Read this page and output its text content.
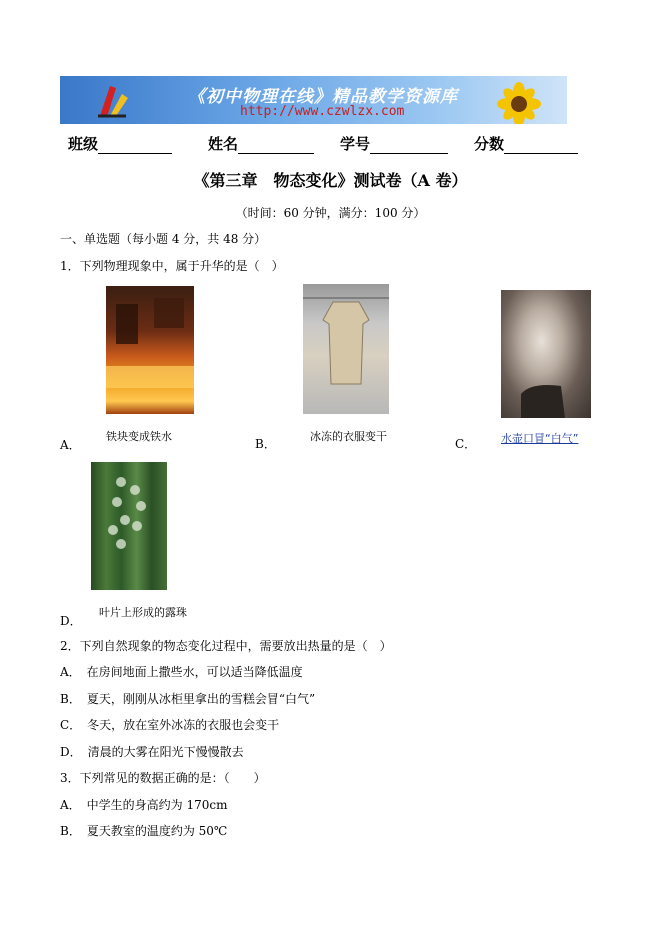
《初中物理在线》精品教学资源库
http://www.czwlzx.com
班级	姓名	学号	分数
《第三章　物态变化》测试卷（A 卷）
（时间：60 分钟，满分：100 分）
一、单选题（每小题 4 分，共 48 分）
1．下列物理现象中，属于升华的是（　）
A．
铁块变成铁水
B．
冰冻的衣服变干
C． 水壶口冒“白气”
D．
叶片上形成的露珠
2．下列自然现象的物态变化过程中，需要放出热量的是（　）
A．　在房间地面上撒些水，可以适当降低温度
B．　夏天，刚刚从冰柜里拿出的雪糕会冒“白气”
C．　冬天，放在室外冰冻的衣服也会变干
D．　清晨的大雾在阳光下慢慢散去
3．下列常见的数据正确的是：（　　）
A．　中学生的身高约为 170cm
B．　夏天教室的温度约为 50℃
